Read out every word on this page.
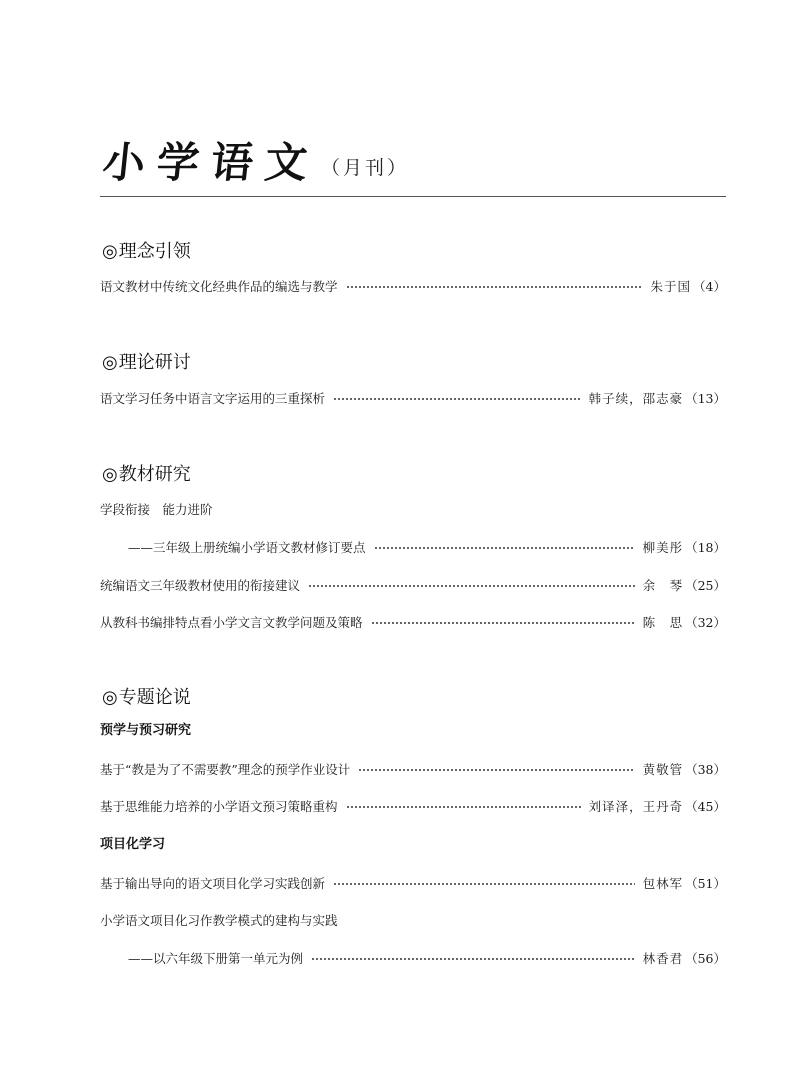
小学语文 （月刊）
◎理念引领
语文教材中传统文化经典作品的编选与教学	朱于国 （4）
◎理论研讨
语文学习任务中语言文字运用的三重探析	韩子续，邵志豪 （13）
◎教材研究
学段衔接　能力进阶
——三年级上册统编小学语文教材修订要点	柳美彤 （18）
统编语文三年级教材使用的衔接建议	余　琴 （25）
从教科书编排特点看小学文言文教学问题及策略	陈　思 （32）
◎专题论说
预学与预习研究
基于“教是为了不需要教”理念的预学作业设计	黄敬管 （38）
基于思维能力培养的小学语文预习策略重构	刘译泽，王丹奇 （45）
项目化学习
基于输出导向的语文项目化学习实践创新	包林军 （51）
小学语文项目化习作教学模式的建构与实践
——以六年级下册第一单元为例	林香君 （56）
